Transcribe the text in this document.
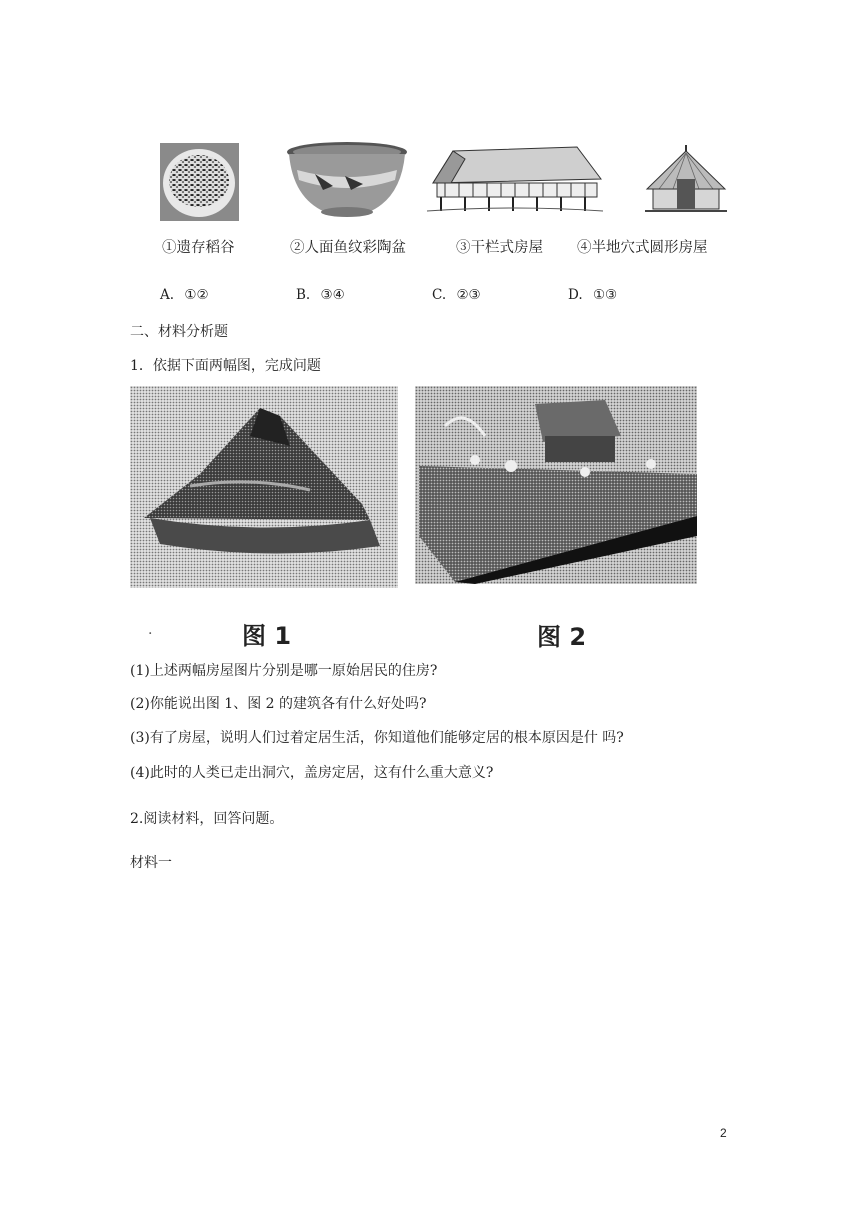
①遗存稻谷	②人面鱼纹彩陶盆	③干栏式房屋 ④半地穴式圆形房屋
A. ①②	B. ③④	C. ②③	D. ①③
二、材料分析题
1．依据下面两幅图，完成问题
.	图 1	图 2
(1)上述两幅房屋图片分别是哪一原始居民的住房?
(2)你能说出图 1、图 2 的建筑各有什么好处吗?
(3)有了房屋，说明人们过着定居生活，你知道他们能够定居的根本原因是什 吗?
(4)此时的人类已走出洞穴，盖房定居，这有什么重大意义?
2.阅读材料，回答问题。
材料一
2
